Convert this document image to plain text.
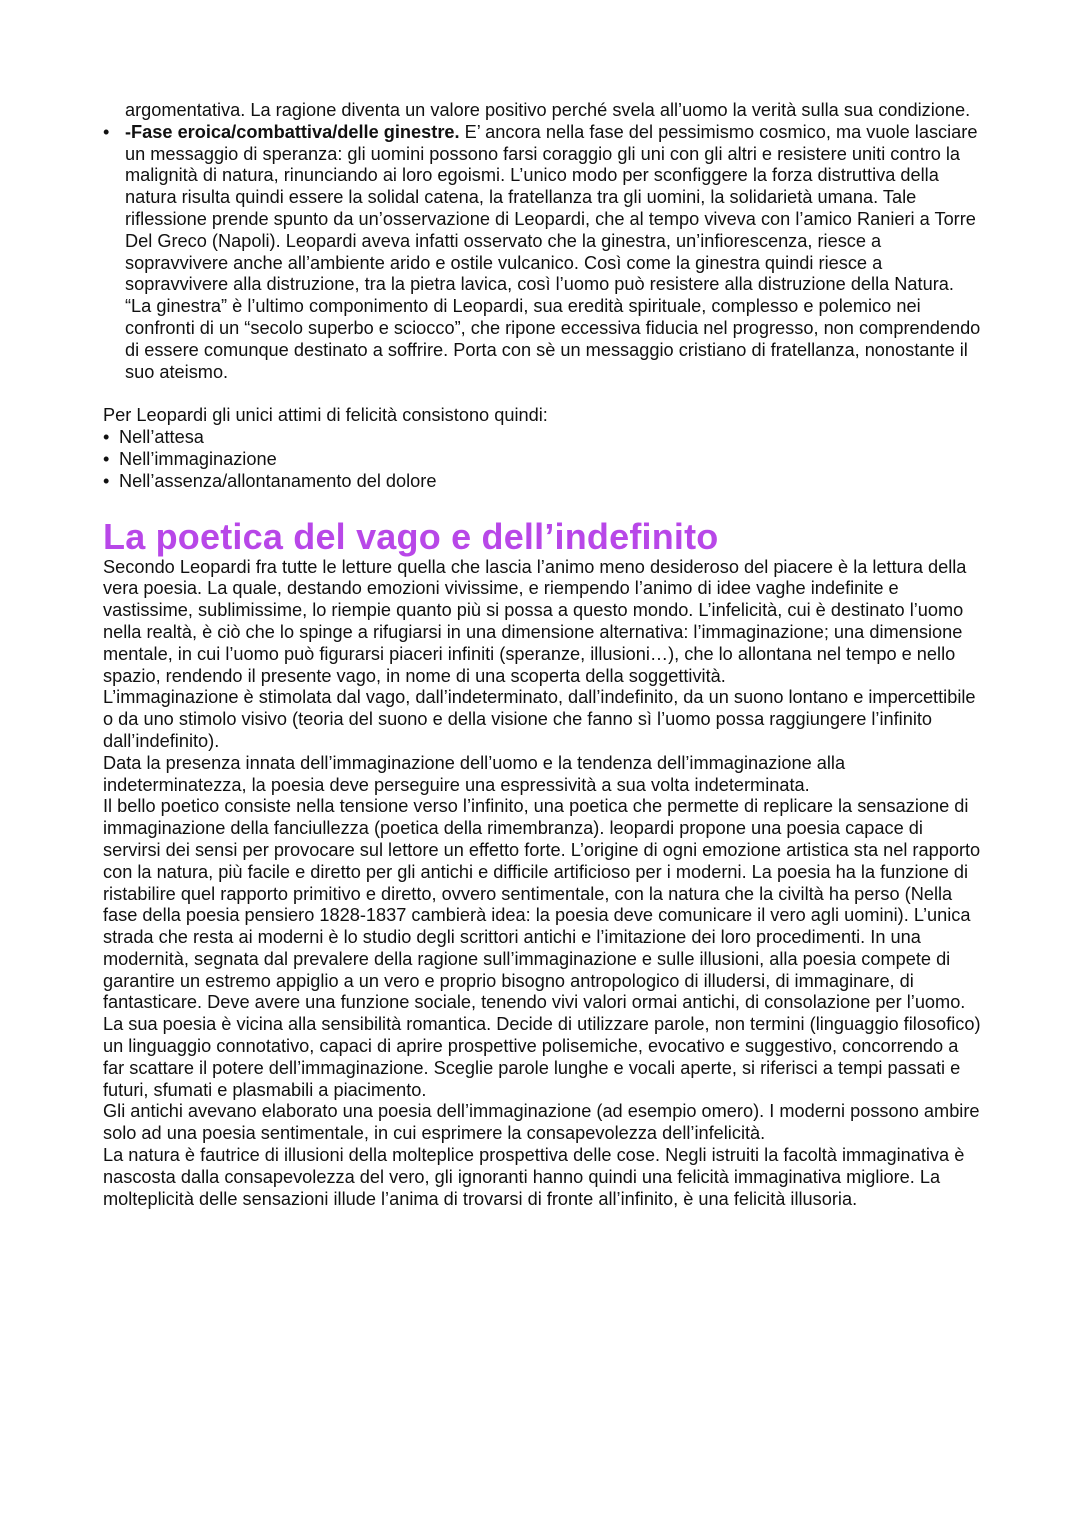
argomentativa. La ragione diventa un valore positivo perché svela all’uomo la verità sulla sua condizione.
• -Fase eroica/combattiva/delle ginestre. E’ ancora nella fase del pessimismo cosmico, ma vuole lasciare un messaggio di speranza: gli uomini possono farsi coraggio gli uni con gli altri e resistere uniti contro la malignità di natura, rinunciando ai loro egoismi. L’unico modo per sconfiggere la forza distruttiva della natura risulta quindi essere la solidal catena, la fratellanza tra gli uomini, la solidarietà umana. Tale riflessione prende spunto da un’osservazione di Leopardi, che al tempo viveva con l’amico Ranieri a Torre Del Greco (Napoli). Leopardi aveva infatti osservato che la ginestra, un’infiorescenza, riesce a sopravvivere anche all’ambiente arido e ostile vulcanico. Così come la ginestra quindi riesce a sopravvivere alla distruzione, tra la pietra lavica, così l’uomo può resistere alla distruzione della Natura. “La ginestra” è l’ultimo componimento di Leopardi, sua eredità spirituale, complesso e polemico nei confronti di un “secolo superbo e sciocco”, che ripone eccessiva fiducia nel progresso, non comprendendo di essere comunque destinato a soffrire. Porta con sè un messaggio cristiano di fratellanza, nonostante il suo ateismo.
Per Leopardi gli unici attimi di felicità consistono quindi:
• Nell’attesa
• Nell’immaginazione
• Nell’assenza/allontanamento del dolore
La poetica del vago e dell’indefinito

Secondo Leopardi fra tutte le letture quella che lascia l’animo meno desideroso del piacere è la lettura della vera poesia. La quale, destando emozioni vivissime, e riempendo l’animo di idee vaghe indefinite e vastissime, sublimissime, lo riempie quanto più si possa a questo mondo. L’infelicità, cui è destinato l’uomo nella realtà, è ciò che lo spinge a rifugiarsi in una dimensione alternativa: l’immaginazione; una dimensione mentale, in cui l’uomo può figurarsi piaceri infiniti (speranze, illusioni…), che lo allontana nel tempo e nello spazio, rendendo il presente vago, in nome di una scoperta della soggettività.

L’immaginazione è stimolata dal vago, dall’indeterminato, dall’indefinito, da un suono lontano e impercettibile o da uno stimolo visivo (teoria del suono e della visione che fanno sì l’uomo possa raggiungere l’infinito dall’indefinito).

Data la presenza innata dell’immaginazione dell’uomo e la tendenza dell’immaginazione alla indeterminatezza, la poesia deve perseguire una espressività a sua volta indeterminata.

Il bello poetico consiste nella tensione verso l’infinito, una poetica che permette di replicare la sensazione di immaginazione della fanciullezza (poetica della rimembranza). leopardi propone una poesia capace di servirsi dei sensi per provocare sul lettore un effetto forte. L’origine di ogni emozione artistica sta nel rapporto con la natura, più facile e diretto per gli antichi e difficile artificioso per i moderni. La poesia ha la funzione di ristabilire quel rapporto primitivo e diretto, ovvero sentimentale, con la natura che la civiltà ha perso (Nella fase della poesia pensiero 1828-1837 cambierà idea: la poesia deve comunicare il vero agli uomini). L’unica strada che resta ai moderni è lo studio degli scrittori antichi e l’imitazione dei loro procedimenti. In una modernità, segnata dal prevalere della ragione sull’immaginazione e sulle illusioni, alla poesia compete di garantire un estremo appiglio a un vero e proprio bisogno antropologico di illudersi, di immaginare, di fantasticare. Deve avere una funzione sociale, tenendo vivi valori ormai antichi, di consolazione per l’uomo. La sua poesia è vicina alla sensibilità romantica. Decide di utilizzare parole, non termini (linguaggio filosofico) un linguaggio connotativo, capaci di aprire prospettive polisemiche, evocativo e suggestivo, concorrendo a far scattare il potere dell’immaginazione. Sceglie parole lunghe e vocali aperte, si riferisci a tempi passati e futuri, sfumati e plasmabili a piacimento.

Gli antichi avevano elaborato una poesia dell’immaginazione (ad esempio omero). I moderni possono ambire solo ad una poesia sentimentale, in cui esprimere la consapevolezza dell’infelicità.

La natura è fautrice di illusioni della molteplice prospettiva delle cose. Negli istruiti la facoltà immaginativa è nascosta dalla consapevolezza del vero, gli ignoranti hanno quindi una felicità immaginativa migliore. La molteplicità delle sensazioni illude l’anima di trovarsi di fronte all’infinito, è una felicità illusoria.
